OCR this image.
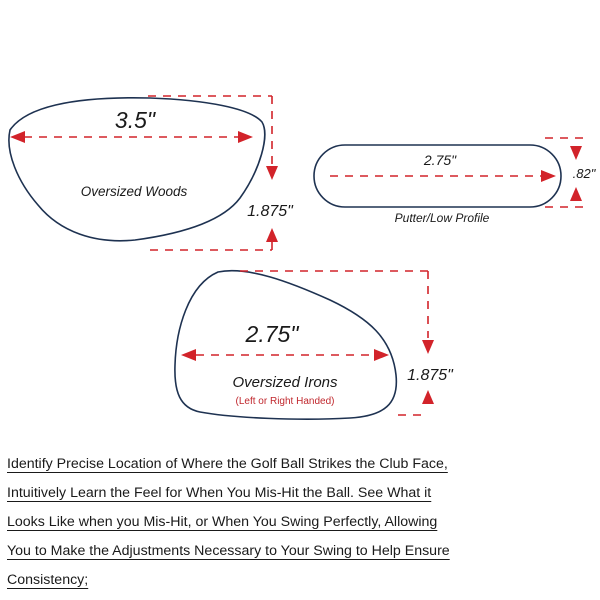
3.5"
1.875"
Oversized Woods
2.75"
.82"
Putter/Low Profile
2.75"
1.875"
Oversized Irons
(Left or Right Handed)
Identify Precise Location of Where the Golf Ball Strikes the Club Face,
Intuitively Learn the Feel for When You Mis-Hit the Ball. See What it
Looks Like when you Mis-Hit, or When You Swing Perfectly, Allowing
You to Make the Adjustments Necessary to Your Swing to Help Ensure
Consistency;
